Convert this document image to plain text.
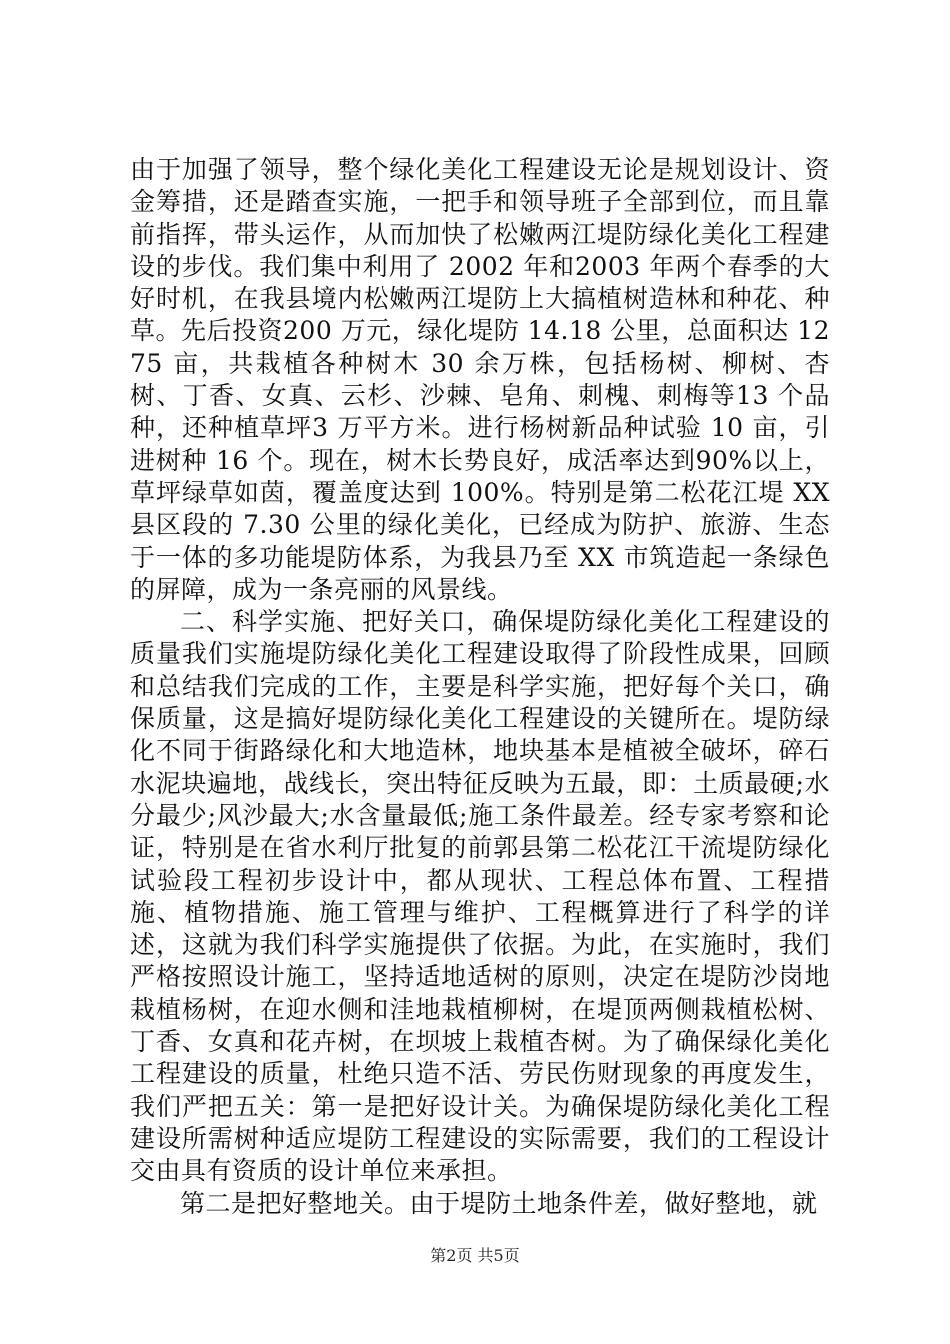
由于加强了领导，整个绿化美化工程建设无论是规划设计、资金筹措，还是踏查实施，一把手和领导班子全部到位，而且靠前指挥，带头运作，从而加快了松嫩两江堤防绿化美化工程建设的步伐。我们集中利用了 2002 年和2003 年两个春季的大好时机，在我县境内松嫩两江堤防上大搞植树造林和种花、种草。先后投资200 万元，绿化堤防 14.18 公里，总面积达 1275 亩，共栽植各种树木 30 余万株，包括杨树、柳树、杏树、丁香、女真、云杉、沙棘、皂角、刺槐、刺梅等13 个品种，还种植草坪3 万平方米。进行杨树新品种试验 10 亩，引进树种 16 个。现在，树木长势良好，成活率达到90%以上，草坪绿草如茵，覆盖度达到 100%。特别是第二松花江堤 XX 县区段的 7.30 公里的绿化美化，已经成为防护、旅游、生态于一体的多功能堤防体系，为我县乃至 XX 市筑造起一条绿色的屏障，成为一条亮丽的风景线。

二、科学实施、把好关口，确保堤防绿化美化工程建设的质量我们实施堤防绿化美化工程建设取得了阶段性成果，回顾和总结我们完成的工作，主要是科学实施，把好每个关口，确保质量，这是搞好堤防绿化美化工程建设的关键所在。堤防绿化不同于街路绿化和大地造林，地块基本是植被全破坏，碎石水泥块遍地，战线长，突出特征反映为五最，即：土质最硬;水分最少;风沙最大;水含量最低;施工条件最差。经专家考察和论证，特别是在省水利厅批复的前郭县第二松花江干流堤防绿化试验段工程初步设计中，都从现状、工程总体布置、工程措施、植物措施、施工管理与维护、工程概算进行了科学的详述，这就为我们科学实施提供了依据。为此，在实施时，我们严格按照设计施工，坚持适地适树的原则，决定在堤防沙岗地栽植杨树，在迎水侧和洼地栽植柳树，在堤顶两侧栽植松树、丁香、女真和花卉树，在坝坡上栽植杏树。为了确保绿化美化工程建设的质量，杜绝只造不活、劳民伤财现象的再度发生，我们严把五关：第一是把好设计关。为确保堤防绿化美化工程建设所需树种适应堤防工程建设的实际需要，我们的工程设计交由具有资质的设计单位来承担。

第二是把好整地关。由于堤防土地条件差，做好整地，就

第2页 共5页
